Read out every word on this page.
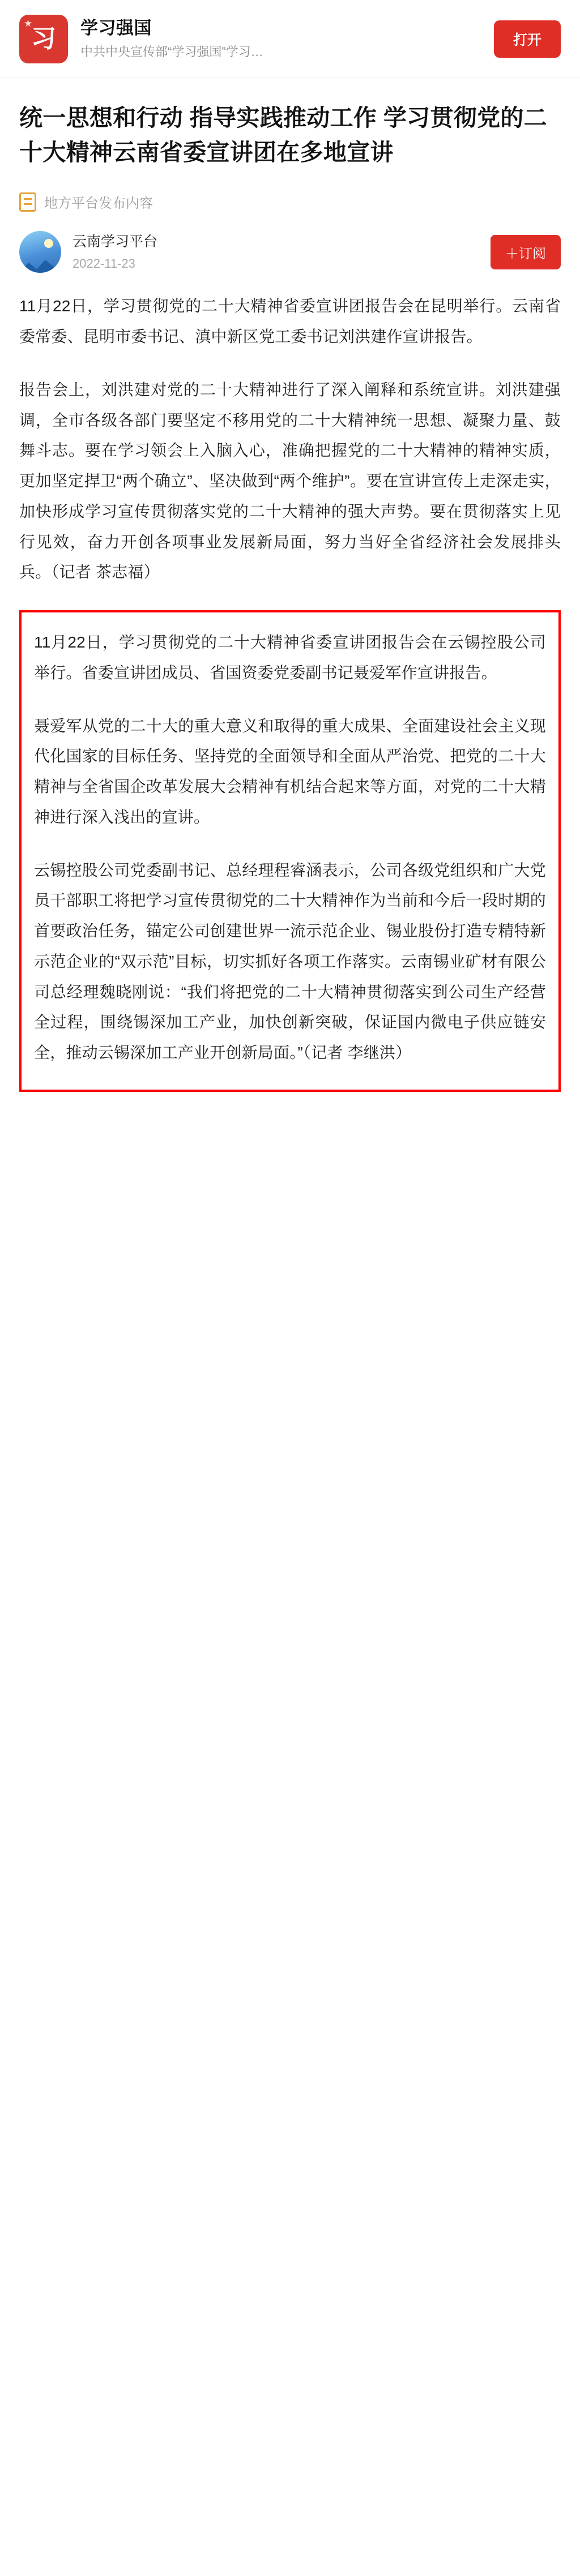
★
习 学习强国
中共中央宣传部“学习强国”学习…
打开
统一思想和行动 指导实践推动工作 学习贯彻党的二十大精神云南省委宣讲团在多地宣讲
地方平台发布内容
云南学习平台
2022-11-23
＋订阅

11月22日，学习贯彻党的二十大精神省委宣讲团报告会在昆明举行。云南省委常委、昆明市委书记、滇中新区党工委书记刘洪建作宣讲报告。

报告会上，刘洪建对党的二十大精神进行了深入阐释和系统宣讲。刘洪建强调，全市各级各部门要坚定不移用党的二十大精神统一思想、凝聚力量、鼓舞斗志。要在学习领会上入脑入心，准确把握党的二十大精神的精神实质，更加坚定捍卫“两个确立”、坚决做到“两个维护”。要在宣讲宣传上走深走实，加快形成学习宣传贯彻落实党的二十大精神的强大声势。要在贯彻落实上见行见效，奋力开创各项事业发展新局面，努力当好全省经济社会发展排头兵。（记者 茶志福）

11月22日，学习贯彻党的二十大精神省委宣讲团报告会在云锡控股公司举行。省委宣讲团成员、省国资委党委副书记聂爱军作宣讲报告。

聂爱军从党的二十大的重大意义和取得的重大成果、全面建设社会主义现代化国家的目标任务、坚持党的全面领导和全面从严治党、把党的二十大精神与全省国企改革发展大会精神有机结合起来等方面，对党的二十大精神进行深入浅出的宣讲。

云锡控股公司党委副书记、总经理程睿涵表示，公司各级党组织和广大党员干部职工将把学习宣传贯彻党的二十大精神作为当前和今后一段时期的首要政治任务，锚定公司创建世界一流示范企业、锡业股份打造专精特新示范企业的“双示范”目标，切实抓好各项工作落实。云南锡业矿材有限公司总经理魏晓刚说：“我们将把党的二十大精神贯彻落实到公司生产经营全过程，围绕锡深加工产业，加快创新突破，保证国内微电子供应链安全，推动云锡深加工产业开创新局面。”（记者 李继洪）
